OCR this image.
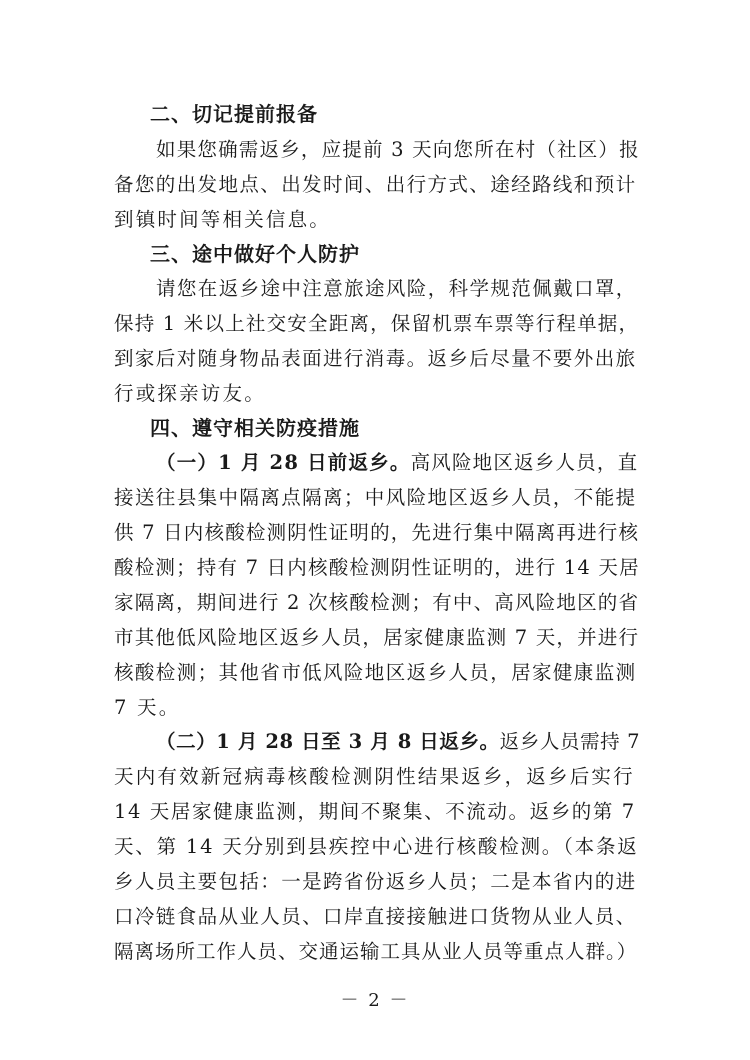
二、切记提前报备
如果您确需返乡，应提前 3 天向您所在村（社区）报
备您的出发地点、出发时间、出行方式、途经路线和预计
到镇时间等相关信息。
三、途中做好个人防护
请您在返乡途中注意旅途风险，科学规范佩戴口罩，
保持 1 米以上社交安全距离，保留机票车票等行程单据，
到家后对随身物品表面进行消毒。返乡后尽量不要外出旅
行或探亲访友。
四、遵守相关防疫措施
（一）1 月 28 日前返乡。高风险地区返乡人员，直
接送往县集中隔离点隔离；中风险地区返乡人员，不能提
供 7 日内核酸检测阴性证明的，先进行集中隔离再进行核
酸检测；持有 7 日内核酸检测阴性证明的，进行 14 天居
家隔离，期间进行 2 次核酸检测；有中、高风险地区的省
市其他低风险地区返乡人员，居家健康监测 7 天，并进行
核酸检测；其他省市低风险地区返乡人员，居家健康监测
7 天。
（二）1 月 28 日至 3 月 8 日返乡。返乡人员需持 7
天内有效新冠病毒核酸检测阴性结果返乡，返乡后实行
14 天居家健康监测，期间不聚集、不流动。返乡的第 7
天、第 14 天分别到县疾控中心进行核酸检测。（本条返
乡人员主要包括：一是跨省份返乡人员；二是本省内的进
口冷链食品从业人员、口岸直接接触进口货物从业人员、
隔离场所工作人员、交通运输工具从业人员等重点人群。）
－ 2 －
